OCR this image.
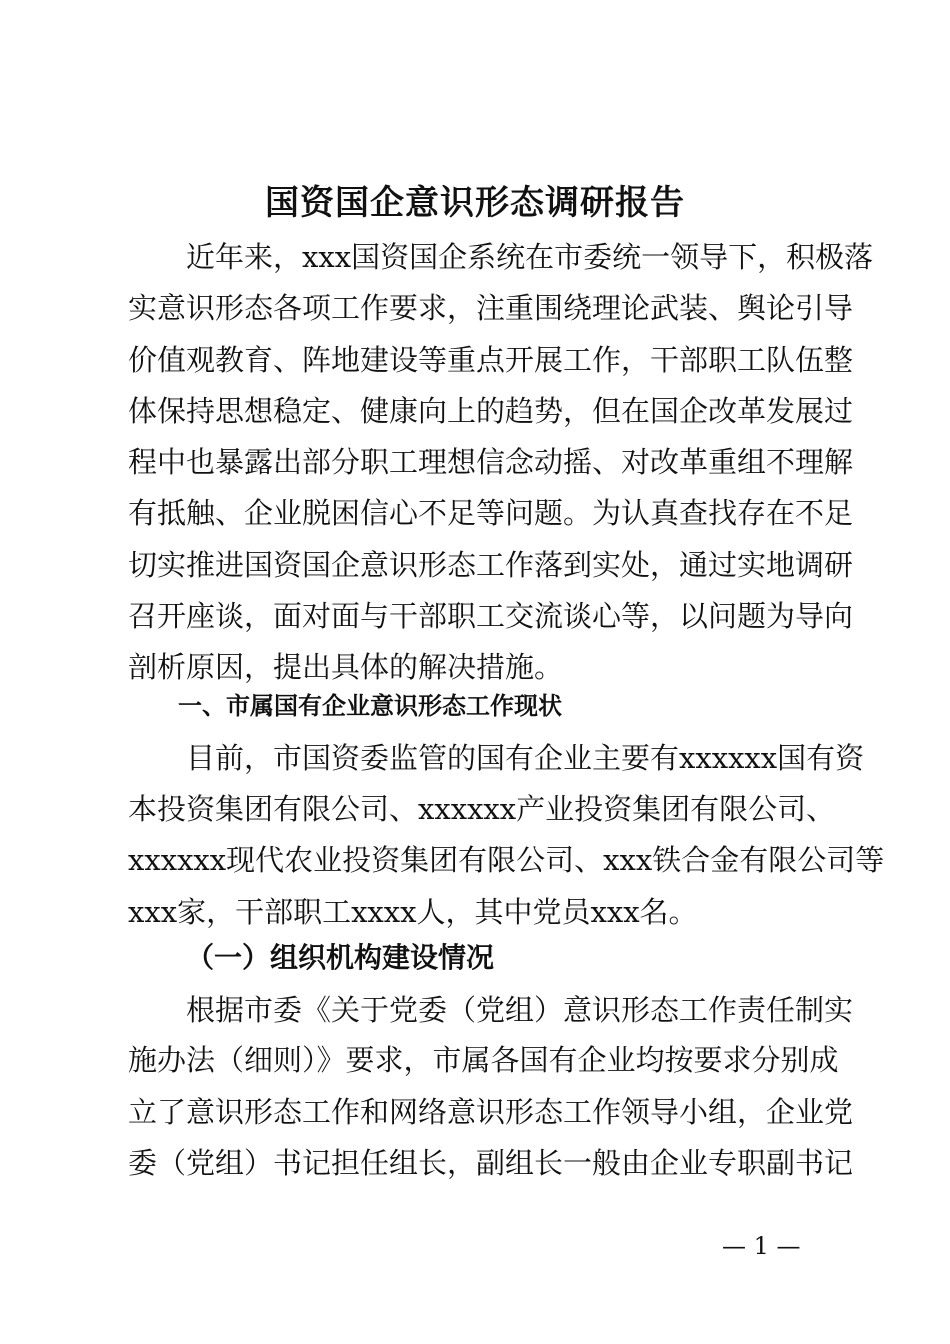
国资国企意识形态调研报告

近年来，xxx国资国企系统在市委统一领导下，积极落

实意识形态各项工作要求，注重围绕理论武装、舆论引导

价值观教育、阵地建设等重点开展工作，干部职工队伍整

体保持思想稳定、健康向上的趋势，但在国企改革发展过

程中也暴露出部分职工理想信念动摇、对改革重组不理解

有抵触、企业脱困信心不足等问题。为认真查找存在不足

切实推进国资国企意识形态工作落到实处，通过实地调研

召开座谈，面对面与干部职工交流谈心等，以问题为导向

剖析原因，提出具体的解决措施。

一、市属国有企业意识形态工作现状

目前，市国资委监管的国有企业主要有xxxxxx国有资

本投资集团有限公司、xxxxxx产业投资集团有限公司、

xxxxxx现代农业投资集团有限公司、xxx铁合金有限公司等

xxx家，干部职工xxxx人，其中党员xxx名。

（一）组织机构建设情况

根据市委《关于党委（党组）意识形态工作责任制实

施办法（细则）》要求，市属各国有企业均按要求分别成

立了意识形态工作和网络意识形态工作领导小组，企业党

委（党组）书记担任组长，副组长一般由企业专职副书记

— 1 —
